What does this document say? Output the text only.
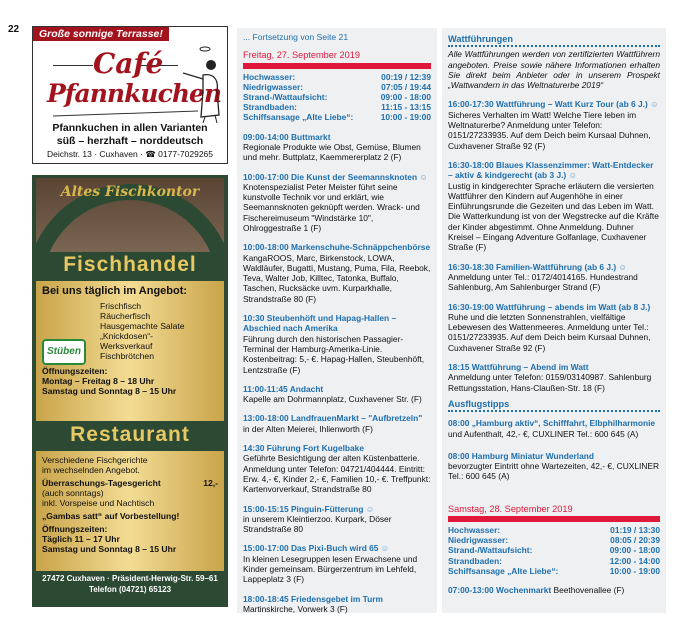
22	Große sonnige Terrasse!
Café
Pfannkuchen
Pfannkuchen in allen Varianten
süß – herzhaft – norddeutsch
Deichstr. 13 · Cuxhaven · ☎ 0177-7029265
Altes Fischkontor
Fischhandel
Bei uns täglich im Angebot:
Stüben
Frischfisch
Räucherfisch
Hausgemachte Salate
„Knickdosen“-
Werksverkauf
Fischbrötchen
Öffnungszeiten:
Montag – Freitag 8 – 18 Uhr
Samstag und Sonntag 8 – 15 Uhr
Restaurant
Verschiedene Fischgerichte
im wechselnden Angebot.
Überraschungs-Tagesgericht	12,-
(auch sonntags)
inkl. Vorspeise und Nachtisch
„Gambas satt“ auf Vorbestellung!
Öffnungszeiten:
Täglich 11 – 17 Uhr
Samstag und Sonntag 8 – 15 Uhr
27472 Cuxhaven · Präsident-Herwig-Str. 59–61
Telefon (04721) 65123
... Fortsetzung von Seite 21
Freitag, 27. September 2019
Hochwasser:	00:19 / 12:39
Niedrigwasser:	07:05 / 19:44
Strand-/Wattaufsicht:	09:00 - 18:00
Strandbaden:	11:15 - 13:15
Schiffsansage „Alte Liebe“:	10:00 - 19:00
09:00-14:00 Buttmarkt
Regionale Produkte wie Obst, Gemüse, Blumen und mehr. Buttplatz, Kaemmererplatz 2 (F)
10:00-17:00 Die Kunst der Seemannsknoten ☺
Knotenspezialist Peter Meister führt seine kunstvolle Technik vor und erklärt, wie Seemannsknoten geknüpft werden. Wrack- und Fischereimuseum "Windstärke 10", Ohlroggestraße 1 (F)
10:00-18:00 Markenschuhe-Schnäppchenbörse
KangaROOS, Marc, Birkenstock, LOWA, Waldläufer, Bugatti, Mustang, Puma, Fila, Reebok, Teva, Walter Job, Killtec, Tatonka, Buffalo, Taschen, Rucksäcke uvm. Kurparkhalle, Strandstraße 80 (F)
10:30 Steubenhöft und Hapag-Hallen – Abschied nach Amerika
Führung durch den historischen Passagier-Terminal der Hamburg-Amerika-Linie. Kostenbeitrag: 5,- €. Hapag-Hallen, Steubenhöft, Lentzstraße (F)
11:00-11:45 Andacht
Kapelle am Dohrmannplatz, Cuxhavener Str. (F)
13:00-18:00 LandfrauenMarkt – "Aufbretzeln"
in der Alten Meierei, Ihlienworth (F)
14:30 Führung Fort Kugelbake
Geführte Besichtigung der alten Küstenbatterie. Anmeldung unter Telefon: 04721/404444. Eintritt: Erw. 4,- €, Kinder 2,- €, Familien 10,- €. Treffpunkt: Kartenvorverkauf, Strandstraße 80
15:00-15:15 Pinguin-Fütterung ☺
in unserem Kleintierzoo. Kurpark, Döser Strandstraße 80
15:00-17:00 Das Pixi-Buch wird 65 ☺
In kleinen Lesegruppen lesen Erwachsene und Kinder gemeinsam. Bürgerzentrum im Lehfeld, Lappeplatz 3 (F)
18:00-18:45 Friedensgebet im Turm
Martinskirche, Vorwerk 3 (F)
Wattführungen
Alle Wattführungen werden von zertifizierten Wattführern angeboten. Preise sowie nähere Informationen erhalten Sie direkt beim Anbieter oder in unserem Prospekt „Wattwandern in das Weltnaturerbe 2019“
16:00-17:30 Wattführung – Watt Kurz Tour (ab 6 J.) ☺
Sicheres Verhalten im Watt! Welche Tiere leben im Weltnaturerbe? Anmeldung unter Telefon: 0151/27233935. Auf dem Deich beim Kursaal Duhnen, Cuxhavener Straße 92 (F)
16:30-18:00 Blaues Klassenzimmer: Watt-Entdecker – aktiv & kindgerecht (ab 3 J.) ☺
Lustig in kindgerechter Sprache erläutern die versierten Wattführer den Kindern auf Augenhöhe in einer Einführungsrunde die Gezeiten und das Leben im Watt. Die Watterkundung ist von der Wegstrecke auf die Kräfte der Kinder abgestimmt. Ohne Anmeldung. Duhner Kreisel – Eingang Adventure Golfanlage, Cuxhavener Straße (F)
16:30-18:30 Familien-Wattführung (ab 6 J.) ☺
Anmeldung unter Tel.: 0172/4014165. Hundestrand Sahlenburg, Am Sahlenburger Strand (F)
16:30-19:00 Wattführung – abends im Watt (ab 8 J.)
Ruhe und die letzten Sonnenstrahlen, vielfältige Lebewesen des Wattenmeeres. Anmeldung unter Tel.: 0151/27233935. Auf dem Deich beim Kursaal Duhnen, Cuxhavener Straße 92 (F)
18:15 Wattführung – Abend im Watt
Anmeldung unter Telefon: 0159/03140987. Sahlenburg Rettungsstation, Hans-Claußen-Str. 18 (F)
Ausflugstipps
08:00 „Hamburg aktiv“, Schifffahrt, Elbphilharmonie
und Aufenthalt, 42,- €, CUXLINER Tel.: 600 645 (A)
08:00 Hamburg Miniatur Wunderland
bevorzugter Eintritt ohne Wartezeiten, 42,- €, CUXLINER Tel.: 600 645 (A)
Samstag, 28. September 2019
Hochwasser:	01:19 / 13:30
Niedrigwasser:	08:05 / 20:39
Strand-/Wattaufsicht:	09:00 - 18:00
Strandbaden:	12:00 - 14:00
Schiffsansage „Alte Liebe“:	10:00 - 19:00
07:00-13:00 Wochenmarkt Beethovenallee (F)
